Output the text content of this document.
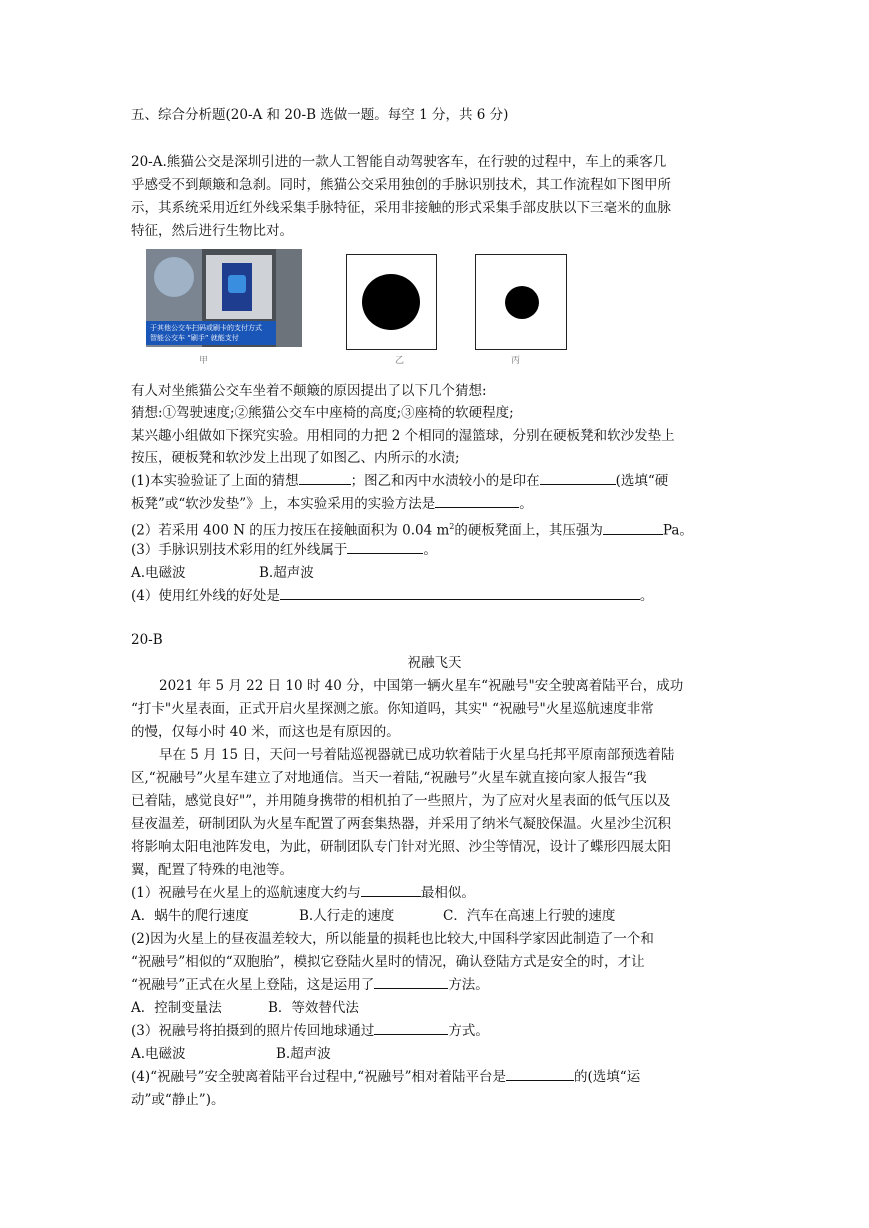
五、综合分析题(20-A 和 20-B 选做一题。每空 1 分，共 6 分)
20-A.熊猫公交是深圳引进的一款人工智能自动驾驶客车，在行驶的过程中，车上的乘客几
乎感受不到颠簸和急刹。同时，熊猫公交采用独创的手脉识别技术，其工作流程如下图甲所
示，其系统采用近红外线采集手脉特征，采用非接触的形式采集手部皮肤以下三毫米的血脉
特征，然后进行生物比对。
于其他公交车扫码或刷卡的支付方式
智能公交车 “刷手” 就能支付
甲	乙	丙
有人对坐熊猫公交车坐着不颠簸的原因提出了以下几个猜想:
猜想:①驾驶速度;②熊猫公交车中座椅的高度;③座椅的软硬程度;
某兴趣小组做如下探究实验。用相同的力把 2 个相同的湿篮球，分别在硬板凳和软沙发垫上
按压，硬板凳和软沙发上出现了如图乙、内所示的水渍;
(1)本实验验证了上面的猜想	；图乙和丙中水渍较小的是印在	(选填“硬
板凳”或“软沙发垫”》上，本实验采用的实验方法是	。
(2）若采用 400 N 的压力按压在接触面积为 0.04 $m^2$的硬板凳面上，其压强为	Pa。
(3）手脉识别技术彩用的红外线属于	。
A.电磁波	B.超声波
(4）使用红外线的好处是	。
20-B
祝融飞天
2021 年 5 月 22 日 10 时 40 分，中国第一辆火星车“祝融号"安全驶离着陆平台，成功
“打卡"火星表面，正式开启火星探测之旅。你知道吗，其实" “祝融号"火星巡航速度非常
的慢，仅每小时 40 米，而这也是有原因的。
早在 5 月 15 日，天问一号着陆巡视器就已成功软着陆于火星乌托邦平原南部预选着陆
区,“祝融号”火星车建立了对地通信。当天一着陆,“祝融号”火星车就直接向家人报告“我
已着陆，感觉良好"”，并用随身携带的相机拍了一些照片，为了应对火星表面的低气压以及
昼夜温差，研制团队为火星车配置了两套集热器，并采用了纳米气凝胶保温。火星沙尘沉积
将影响太阳电池阵发电，为此，研制团队专门针对光照、沙尘等情况，设计了蝶形四展太阳
翼，配置了特殊的电池等。
(1）祝融号在火星上的巡航速度大约与	最相似。
A．蜗牛的爬行速度	B.人行走的速度	C．汽车在高速上行驶的速度
(2)因为火星上的昼夜温差较大，所以能量的损耗也比较大,中国科学家因此制造了一个和
“祝融号”相似的“双胞胎”，模拟它登陆火星时的情况，确认登陆方式是安全的时，才让
“祝融号”正式在火星上登陆，这是运用了	方法。
A．控制变量法	B．等效替代法
(3）祝融号将拍摄到的照片传回地球通过	方式。
A.电磁波	B.超声波
(4)“祝融号”安全驶离着陆平台过程中,“祝融号”相对着陆平台是	的(选填“运
动”或“静止”)。
